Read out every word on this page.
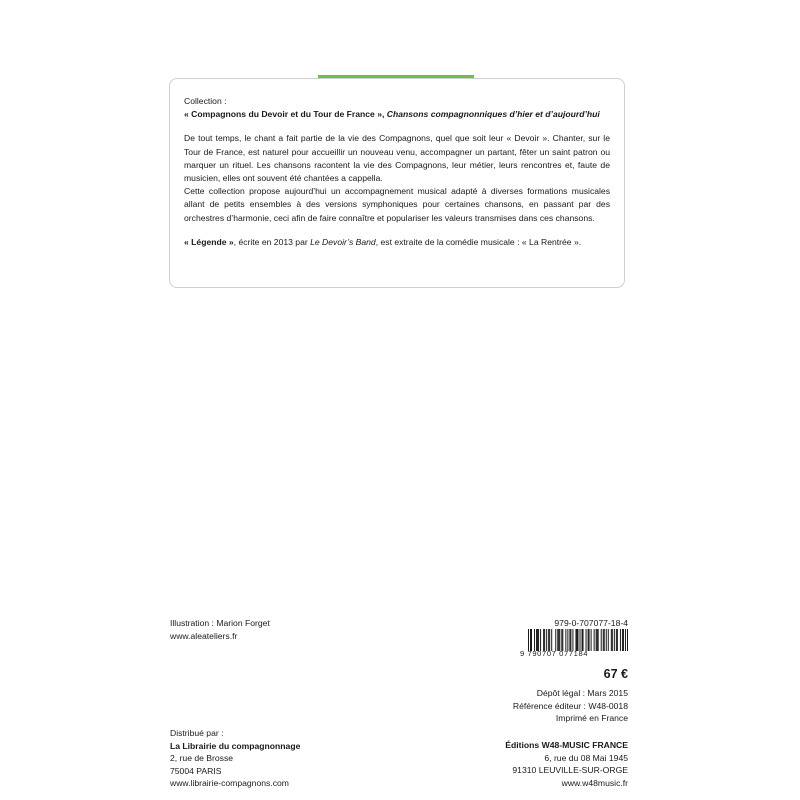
Collection :
« Compagnons du Devoir et du Tour de France », Chansons compagnonniques d’hier et d’aujourd’hui

De tout temps, le chant a fait partie de la vie des Compagnons, quel que soit leur « Devoir ». Chanter, sur le Tour de France, est naturel pour accueillir un nouveau venu, accompagner un partant, fêter un saint patron ou marquer un rituel. Les chansons racontent la vie des Compagnons, leur métier, leurs rencontres et, faute de musicien, elles ont souvent été chantées a cappella.

Cette collection propose aujourd’hui un accompagnement musical adapté à diverses formations musicales allant de petits ensembles à des versions symphoniques pour certaines chansons, en passant par des orchestres d’harmonie, ceci afin de faire connaître et populariser les valeurs transmises dans ces chansons.

« Légende », écrite en 2013 par Le Devoir’s Band, est extraite de la comédie musicale : « La Rentrée ».

Illustration : Marion Forget
www.aleateliers.fr
979-0-707077-18-4
9 790707 077184
67 €
Dépôt légal : Mars 2015
Référence éditeur : W48-0018
Imprimé en France
Distribué par :
La Librairie du compagnonnage
2, rue de Brosse
75004 PARIS
www.librairie-compagnons.com
Éditions W48-MUSIC FRANCE
6, rue du 08 Mai 1945
91310 LEUVILLE-SUR-ORGE
www.w48music.fr
